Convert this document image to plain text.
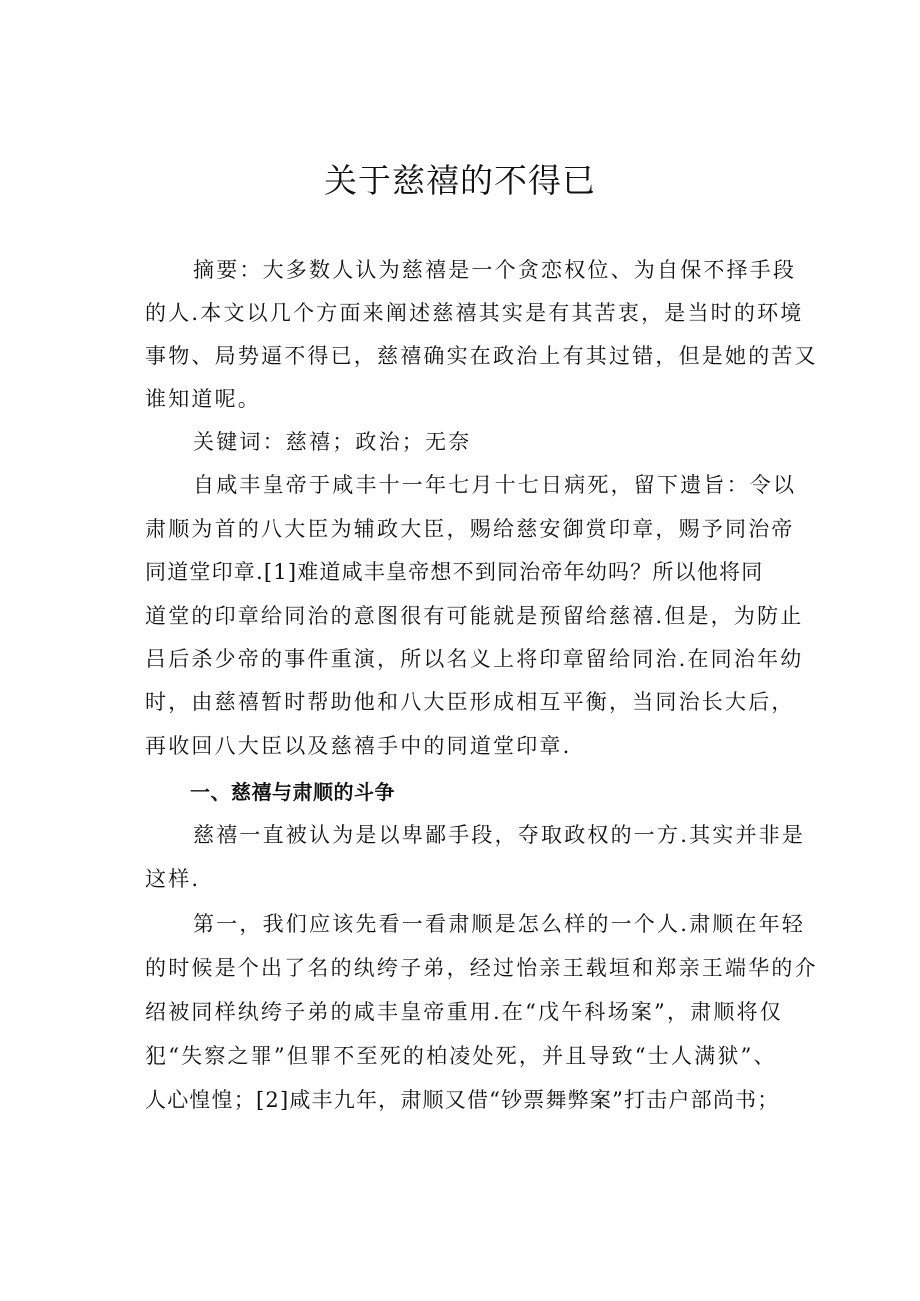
关于慈禧的不得已
摘要：大多数人认为慈禧是一个贪恋权位、为自保不择手段
的人.本文以几个方面来阐述慈禧其实是有其苦衷，是当时的环境
事物、局势逼不得已，慈禧确实在政治上有其过错，但是她的苦又
谁知道呢。
关键词：慈禧；政治；无奈
自咸丰皇帝于咸丰十一年七月十七日病死，留下遗旨：令以
肃顺为首的八大臣为辅政大臣，赐给慈安御赏印章，赐予同治帝
同道堂印章.[1]难道咸丰皇帝想不到同治帝年幼吗？所以他将同
道堂的印章给同治的意图很有可能就是预留给慈禧.但是，为防止
吕后杀少帝的事件重演，所以名义上将印章留给同治.在同治年幼
时，由慈禧暂时帮助他和八大臣形成相互平衡，当同治长大后，
再收回八大臣以及慈禧手中的同道堂印章.
一、慈禧与肃顺的斗争
慈禧一直被认为是以卑鄙手段，夺取政权的一方.其实并非是
这样.
第一，我们应该先看一看肃顺是怎么样的一个人.肃顺在年轻
的时候是个出了名的纨绔子弟，经过怡亲王载垣和郑亲王端华的介
绍被同样纨绔子弟的咸丰皇帝重用.在“戊午科场案”，肃顺将仅
犯“失察之罪”但罪不至死的柏凌处死，并且导致“士人满狱”、
人心惶惶；[2]咸丰九年，肃顺又借“钞票舞弊案”打击户部尚书；
